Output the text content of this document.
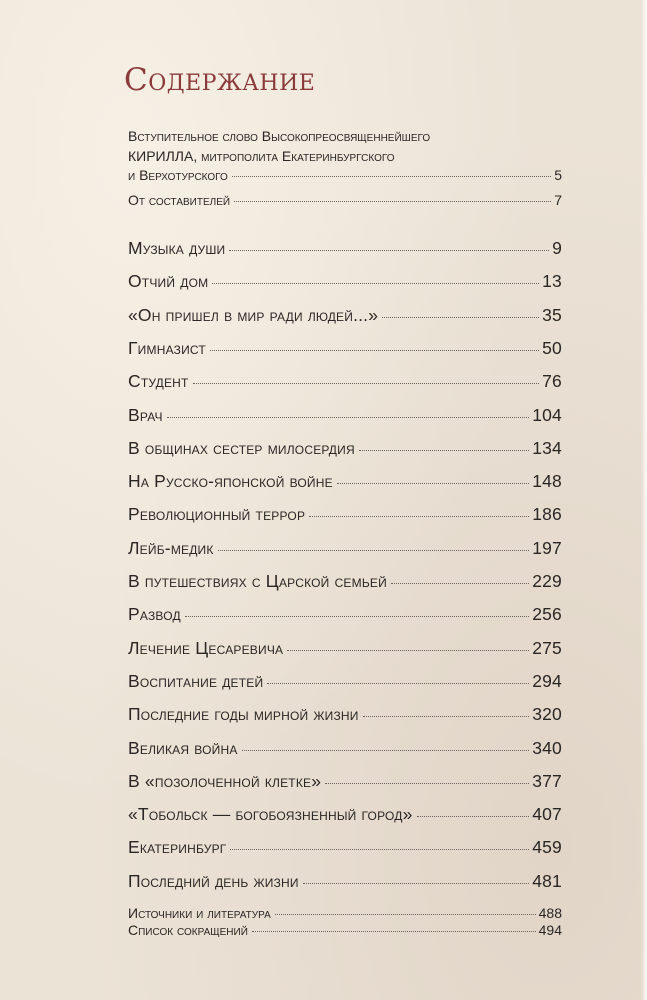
Содержание
Вступительное слово Высокопреосвященнейшего
КИРИЛЛА, митрополита Екатеринбургского
и Верхотурского	5
От составителей	7
Музыка души	9
Отчий дом	13
«Он пришел в мир ради людей...»	35
Гимназист	50
Студент	76
Врач	104
В общинах сестер милосердия	134
На Русско-японской войне	148
Революционный террор	186
Лейб-медик	197
В путешествиях с Царской семьей	229
Развод	256
Лечение Цесаревича	275
Воспитание детей	294
Последние годы мирной жизни	320
Великая война	340
В «позолоченной клетке»	377
«Тобольск — богобоязненный город»	407
Екатеринбург	459
Последний день жизни	481
Источники и литература	488
Список сокращений	494
